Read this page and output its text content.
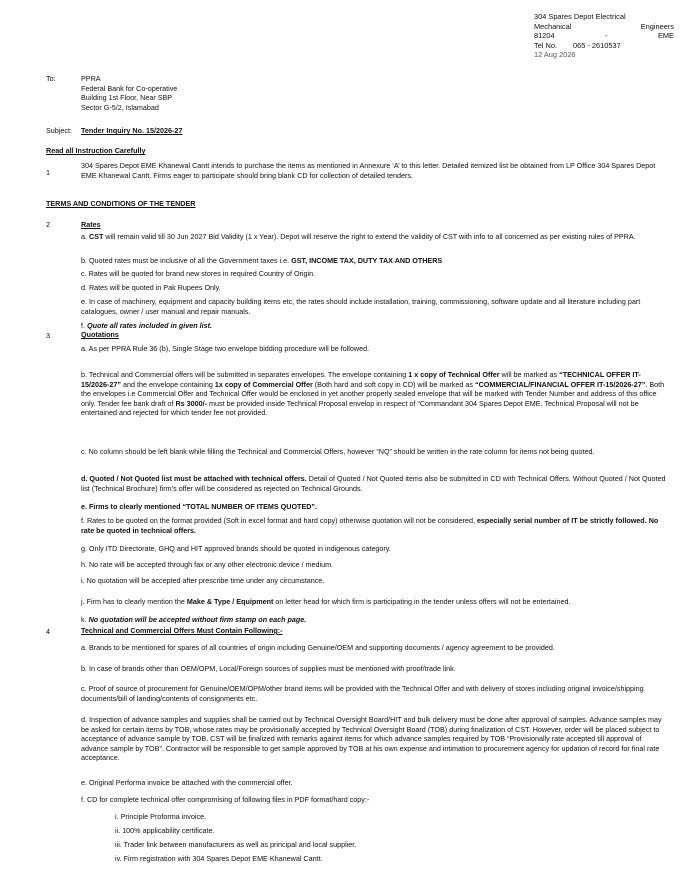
304 Spares Depot Electrical
Mechanical	Engineers
81204	-	EME
Tel No. 065 - 2610537
12 Aug 2026
To:	PPRA
Federal Bank for Co-operative
Building 1st Floor, Near SBP
Sector G-5/2, Islamabad
Subject: Tender Inquiry No. 15/2026-27
Read all Instruction Carefully
1
304 Spares Depot EME Khanewal Cantt intends to purchase the items as mentioned in Annexure ‘A’ to this letter. Detailed itemized list be obtained from LP Office 304 Spares Depot EME Khanewal Cantt. Firms eager to participate should bring blank CD for collection of detailed tenders.
TERMS AND CONDITIONS OF THE TENDER
2	Rates
a. CST will remain valid till 30 Jun 2027 Bid Validity (1 x Year). Depot will reserve the right to extend the validity of CST with info to all concerned as per existing rules of PPRA.
b. Quoted rates must be inclusive of all the Government taxes i.e. GST, INCOME TAX, DUTY TAX AND OTHERS
c. Rates will be quoted for brand new stores in required Country of Origin.
d. Rates will be quoted in Pak Rupees Only.
e. In case of machinery, equipment and capacity building items etc, the rates should include installation, training, commissioning, software update and all literature including part catalogues, owner / user manual and repair manuals.
f. Quote all rates included in given list.
3	Quotations
a. As per PPRA Rule 36 (b), Single Stage two envelope bidding procedure will be followed.
b. Technical and Commercial offers will be submitted in separates envelopes. The envelope containing 1 x copy of Technical Offer will be marked as “TECHNICAL OFFER IT- 15/2026-27” and the envelope containing 1x copy of Commercial Offer (Both hard and soft copy in CD) will be marked as “COMMERCIAL/FINANCIAL OFFER IT-15/2026-27”. Both the envelopes i.e Commercial Offer and Technical Offer would be enclosed in yet another properly sealed envelope that will be marked with Tender Number and address of this office only. Tender fee bank draft of Rs 3000/- must be provided inside Technical Proposal envelop in respect of “Commandant 304 Spares Depot EME. Technical Proposal will not be entertained and rejected for which tender fee not provided.
c. No column should be left blank while filling the Technical and Commercial Offers, however “NQ” should be written in the rate column for items not being quoted.
d. Quoted / Not Quoted list must be attached with technical offers. Detail of Quoted / Not Quoted items also be submitted in CD with Technical Offers. Without Quoted / Not Quoted list (Technical Brochure) firm’s offer will be considered as rejected on Technical Grounds.
e. Firms to clearly mentioned “TOTAL NUMBER OF ITEMS QUOTED”.
f. Rates to be quoted on the format provided (Soft in excel format and hard copy) otherwise quotation will not be considered, especially serial number of IT be strictly followed. No rate be quoted in technical offers.
g. Only ITD Directorate, GHQ and HIT approved brands should be quoted in indigenous category.
h. No rate will be accepted through fax or any other electronic device / medium.
i. No quotation will be accepted after prescribe time under any circumstance.
j. Firm has to clearly mention the Make & Type / Equipment on letter head for which firm is participating in the tender unless offers will not be entertained.
k. No quotation will be accepted without firm stamp on each page.
4	Technical and Commercial Offers Must Contain Following:-
a. Brands to be mentioned for spares of all countries of origin including Genuine/OEM and supporting documents / agency agreement to be provided.
b. In case of brands other than OEM/OPM, Local/Foreign sources of supplies must be mentioned with proof/trade link.
c. Proof of source of procurement for Genuine/OEM/OPM/other brand items will be provided with the Technical Offer and with delivery of stores including original invoice/shipping documents/bill of landing/contents of consignments etc.
d. Inspection of advance samples and supplies shall be carried out by Technical Oversight Board/HIT and bulk delivery must be done after approval of samples. Advance samples may be asked for certain items by TOB, whose rates may be provisionally accepted by Technical Oversight Board (TOB) during finalization of CST. However, order will be placed subject to acceptance of advance sample by TOB. CST will be finalized with remarks against items for which advance samples required by TOB “Provisionally rate accepted till approval of advance sample by TOB”. Contractor will be responsible to get sample approved by TOB at his own expense and intimation to procurement agency for updation of record for final rate acceptance.
e. Original Performa invoice be attached with the commercial offer.
f. CD for complete technical offer compromising of following files in PDF format/hard copy:-
i. Principle Proforma invoice.
ii. 100% applicability certificate.
iii. Trader link between manufacturers as well as principal and local supplier.
iv. Firm registration with 304 Spares Depot EME Khanewal Cantt.
